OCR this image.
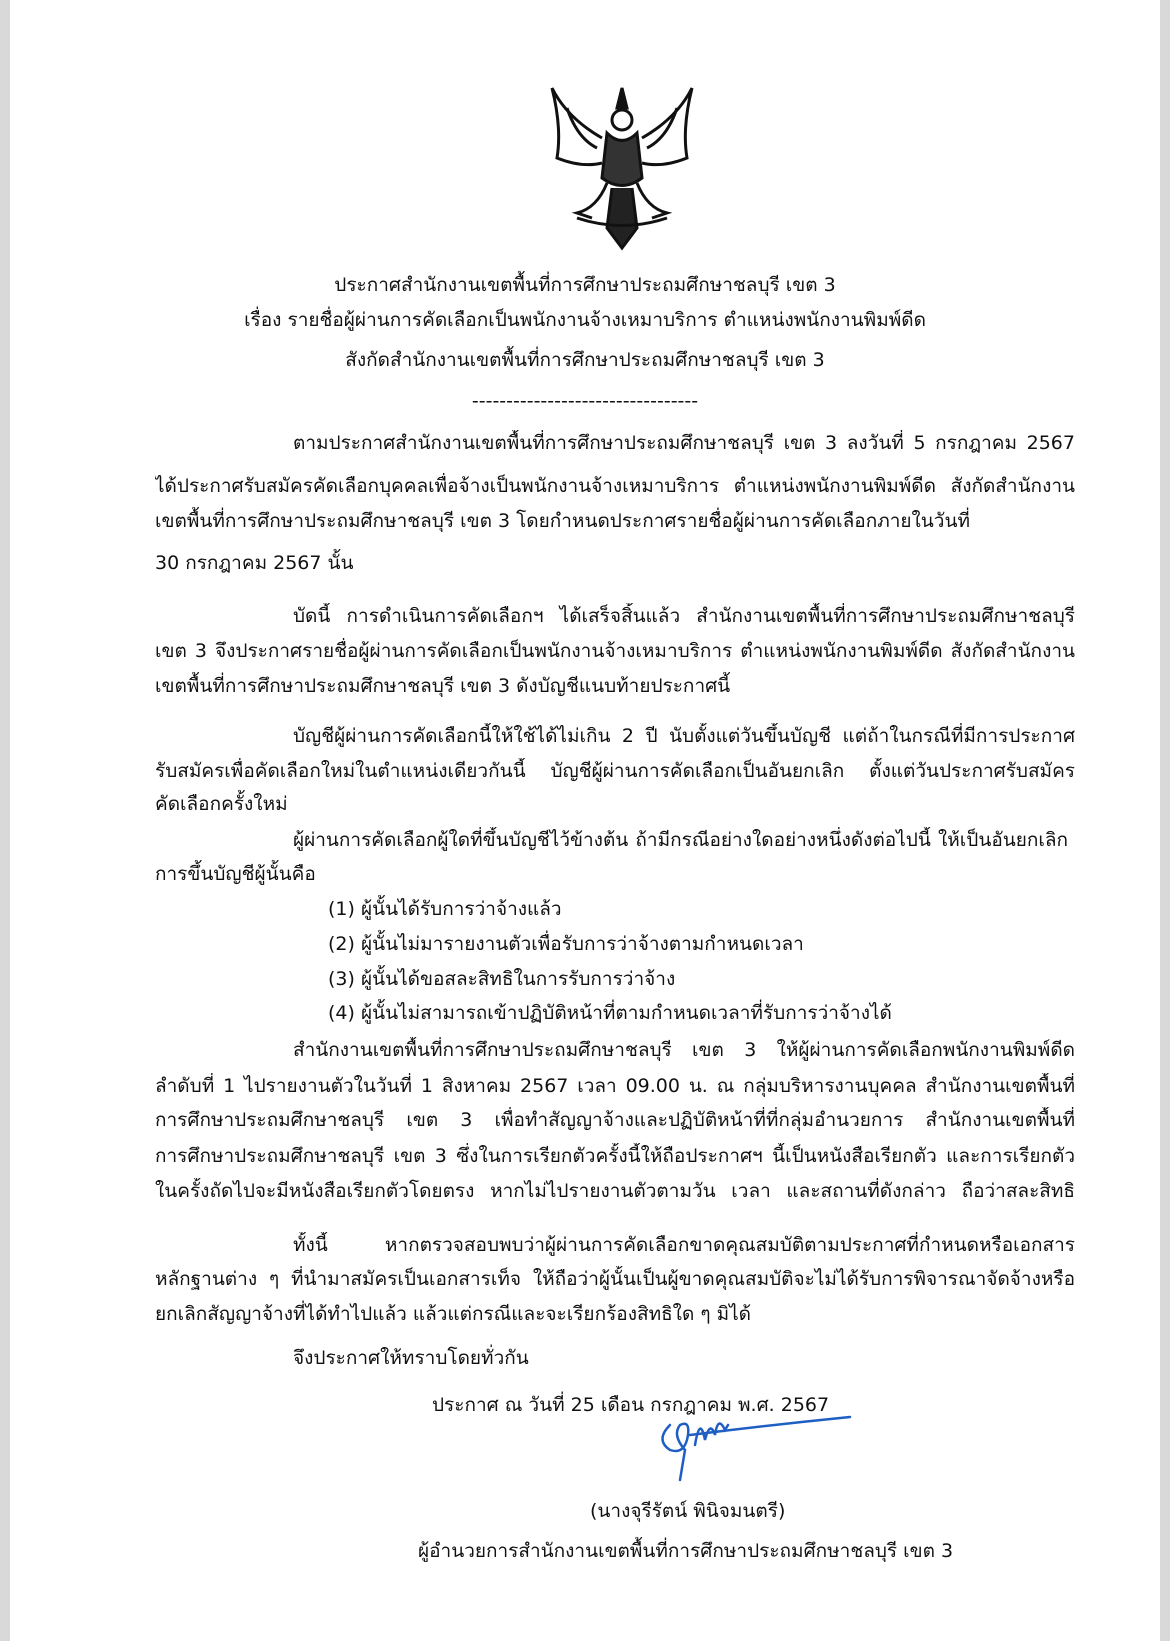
ประกาศสำนักงานเขตพื้นที่การศึกษาประถมศึกษาชลบุรี เขต 3
เรื่อง รายชื่อผู้ผ่านการคัดเลือกเป็นพนักงานจ้างเหมาบริการ ตำแหน่งพนักงานพิมพ์ดีด
สังกัดสำนักงานเขตพื้นที่การศึกษาประถมศึกษาชลบุรี เขต 3
---------------------------------
ตามประกาศสำนักงานเขตพื้นที่การศึกษาประถมศึกษาชลบุรี เขต 3 ลงวันที่ 5 กรกฎาคม 2567
ได้ประกาศรับสมัครคัดเลือกบุคคลเพื่อจ้างเป็นพนักงานจ้างเหมาบริการ ตำแหน่งพนักงานพิมพ์ดีด สังกัดสำนักงาน
เขตพื้นที่การศึกษาประถมศึกษาชลบุรี เขต 3 โดยกำหนดประกาศรายชื่อผู้ผ่านการคัดเลือกภายในวันที่
30 กรกฎาคม 2567 นั้น
บัดนี้ การดำเนินการคัดเลือกฯ ได้เสร็จสิ้นแล้ว สำนักงานเขตพื้นที่การศึกษาประถมศึกษาชลบุรี
เขต 3 จึงประกาศรายชื่อผู้ผ่านการคัดเลือกเป็นพนักงานจ้างเหมาบริการ ตำแหน่งพนักงานพิมพ์ดีด สังกัดสำนักงาน
เขตพื้นที่การศึกษาประถมศึกษาชลบุรี เขต 3 ดังบัญชีแนบท้ายประกาศนี้
บัญชีผู้ผ่านการคัดเลือกนี้ให้ใช้ได้ไม่เกิน 2 ปี นับตั้งแต่วันขึ้นบัญชี แต่ถ้าในกรณีที่มีการประกาศ
รับสมัครเพื่อคัดเลือกใหม่ในตำแหน่งเดียวกันนี้ บัญชีผู้ผ่านการคัดเลือกเป็นอันยกเลิก ตั้งแต่วันประกาศรับสมัคร
คัดเลือกครั้งใหม่
ผู้ผ่านการคัดเลือกผู้ใดที่ขึ้นบัญชีไว้ข้างต้น ถ้ามีกรณีอย่างใดอย่างหนึ่งดังต่อไปนี้ ให้เป็นอันยกเลิก
การขึ้นบัญชีผู้นั้นคือ
(1) ผู้นั้นได้รับการว่าจ้างแล้ว
(2) ผู้นั้นไม่มารายงานตัวเพื่อรับการว่าจ้างตามกำหนดเวลา
(3) ผู้นั้นได้ขอสละสิทธิในการรับการว่าจ้าง
(4) ผู้นั้นไม่สามารถเข้าปฏิบัติหน้าที่ตามกำหนดเวลาที่รับการว่าจ้างได้
สำนักงานเขตพื้นที่การศึกษาประถมศึกษาชลบุรี เขต 3 ให้ผู้ผ่านการคัดเลือกพนักงานพิมพ์ดีด
ลำดับที่ 1 ไปรายงานตัวในวันที่ 1 สิงหาคม 2567 เวลา 09.00 น. ณ กลุ่มบริหารงานบุคคล สำนักงานเขตพื้นที่
การศึกษาประถมศึกษาชลบุรี เขต 3 เพื่อทำสัญญาจ้างและปฏิบัติหน้าที่ที่กลุ่มอำนวยการ สำนักงานเขตพื้นที่
การศึกษาประถมศึกษาชลบุรี เขต 3 ซึ่งในการเรียกตัวครั้งนี้ให้ถือประกาศฯ นี้เป็นหนังสือเรียกตัว และการเรียกตัว
ในครั้งถัดไปจะมีหนังสือเรียกตัวโดยตรง หากไม่ไปรายงานตัวตามวัน เวลา และสถานที่ดังกล่าว ถือว่าสละสิทธิ
ทั้งนี้ หากตรวจสอบพบว่าผู้ผ่านการคัดเลือกขาดคุณสมบัติตามประกาศที่กำหนดหรือเอกสาร
หลักฐานต่าง ๆ ที่นำมาสมัครเป็นเอกสารเท็จ ให้ถือว่าผู้นั้นเป็นผู้ขาดคุณสมบัติจะไม่ได้รับการพิจารณาจัดจ้างหรือ
ยกเลิกสัญญาจ้างที่ได้ทำไปแล้ว แล้วแต่กรณีและจะเรียกร้องสิทธิใด ๆ มิได้
จึงประกาศให้ทราบโดยทั่วกัน
ประกาศ ณ วันที่ 25 เดือน กรกฎาคม พ.ศ. 2567
(นางจุรีรัตน์ พินิจมนตรี)
ผู้อำนวยการสำนักงานเขตพื้นที่การศึกษาประถมศึกษาชลบุรี เขต 3
